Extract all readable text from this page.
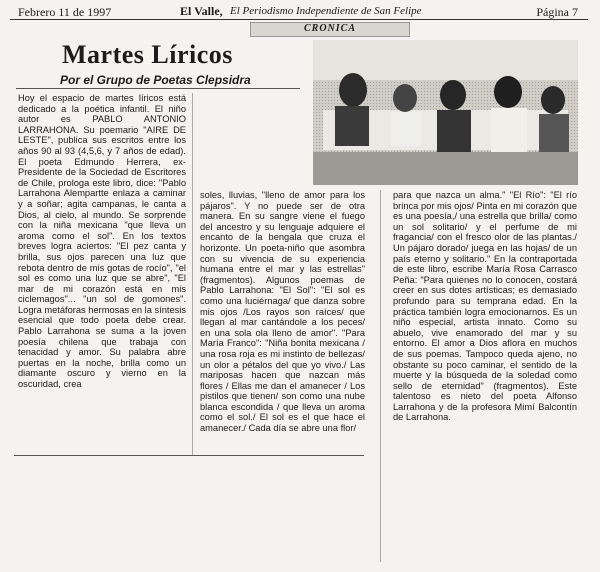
Febrero 11 de 1997	El Valle, El Periodismo Independiente de San Felipe	Página 7
CRONICA
Martes Líricos
Por el Grupo de Poetas Clepsidra
Hoy el espacio de martes líricos está dedicado a la poética infantil. El niño autor es PABLO ANTONIO LARRAHONA. Su poemario "AIRE DE LESTE", publica sus escritos entre los años 90 al 93 (4,5,6, y 7 años de edad). El poeta Edmundo Herrera, ex-Presidente de la Sociedad de Escritores de Chile, prologa este libro, dice: "Pablo Larrahona Alempartte enlaza a caminar y a soñar; agita campanas, le canta a Dios, al cielo, al mundo. Se sorprende con la niña mexicana "que lleva un aroma como el sol". En los textos breves logra aciertos: "El pez canta y brilla, sus ojos parecen una luz que rebota dentro de mis gotas de rocío", "el sol es como una luz que se abre", "El mar de mi corazón está en mis ciclemagos"... "un sol de gomones". Logra metáforas hermosas en la síntesis esencial que todo poeta debe crear. Pablo Larrahona se suma a la joven poesía chilena que trabaja con tenacidad y amor. Su palabra abre puertas en la noche, brilla como un diamante oscuro y vierno en la oscuridad, crea
soles, lluvias, "lleno de amor para los pájaros". Y no puede ser de otra manera. En su sangre viene el fuego del ancestro y su lenguaje adquiere el encanto de la bengala que cruza el horizonte. Un poeta-niño que asombra con su vivencia de su experiencia humana entre el mar y las estrellas" (fragmentos). Algunos poemas de Pablo Larrahona: "El Sol": "El sol es como una luciérnaga/ que danza sobre mis ojos /Los rayos son raíces/ que llegan al mar cantándole a los peces/ en una sola ola lleno de amor". "Para María Franco": "Niña bonita mexicana / una rosa roja es mi instinto de bellezas/ un olor a pétalos del que yo vivo./ Las mariposas hacen que nazcan más flores / Ellas me dan el amanecer / Los pistilos que tienen/ son como una nube blanca escondida / que lleva un aroma como el sol./ El sol es el que hace el amanecer./ Cada día se abre una flor/
para que nazca un alma." "El Río": "El río brinca por mis ojos/ Pinta en mi corazón que es una poesía,/ una estrella que brilla/ como un sol solitario/ y el perfume de mi fragancia/ con el fresco olor de las plantas./ Un pájaro dorado/ juega en las hojas/ de un país eterno y solitario." En la contraportada de este libro, escribe María Rosa Carrasco Peña: "Para quienes no lo conocen, costará creer en sus dotes artísticas; es demasiado profundo para su temprana edad. En la práctica también logra emocionarnos. Es un niño especial, artista innato. Como su abuelo, vive enamorado del mar y su entorno. El amor a Dios aflora en muchos de sus poemas. Tampoco queda ajeno, no obstante su poco caminar, el sentido de la muerte y la búsqueda de la soledad como sello de eternidad" (fragmentos). Este talentoso es nieto del poeta Alfonso Larrahona y de la profesora Mimí Balcontín de Larrahona.
